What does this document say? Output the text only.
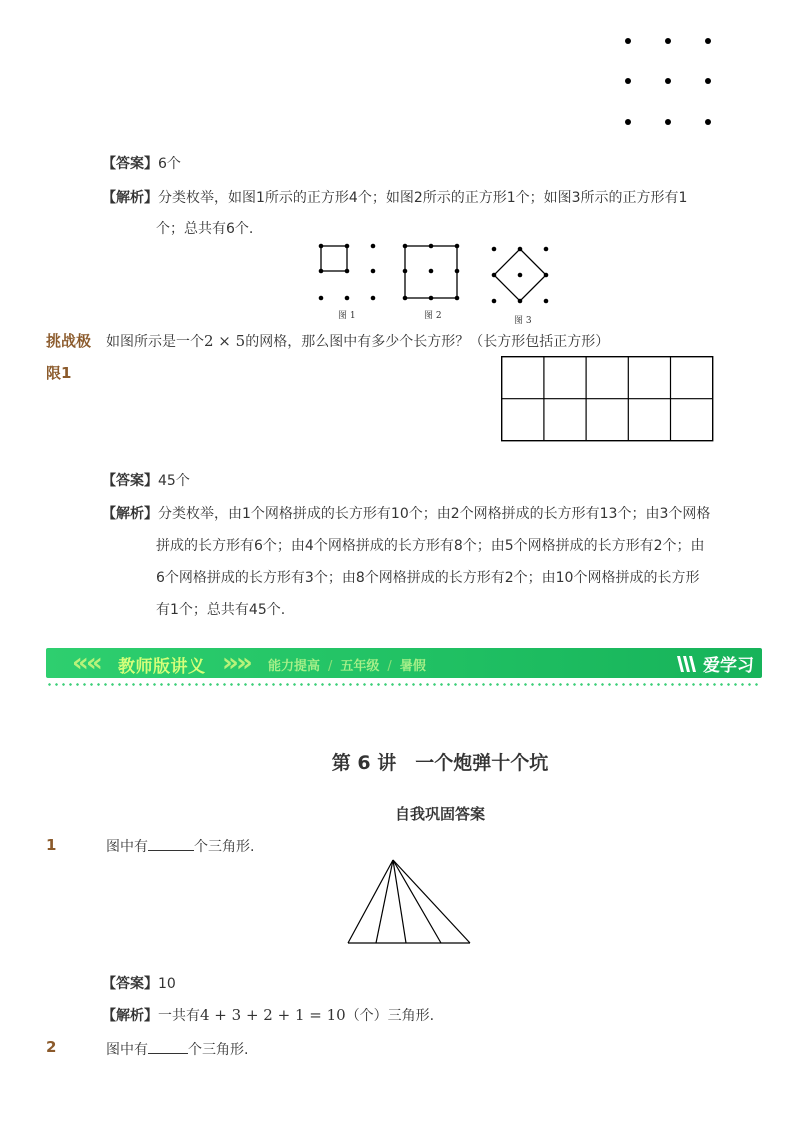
【答案】6个
【解析】分类枚举，如图1所示的正方形4个；如图2所示的正方形1个；如图3所示的正方形有1
个；总共有6个.
图 1	图 2	图 3
挑战极
限1
如图所示是一个2 × 5的网格，那么图中有多少个长方形？（长方形包括正方形）
【答案】45个
【解析】分类枚举，由1个网格拼成的长方形有10个；由2个网格拼成的长方形有13个；由3个网格
拼成的长方形有6个；由4个网格拼成的长方形有8个；由5个网格拼成的长方形有2个；由
6个网格拼成的长方形有3个；由8个网格拼成的长方形有2个；由10个网格拼成的长方形
有1个；总共有45个.
«
« 教师版讲义 »
» 能力提高 / 五年级 / 暑假	爱学习
第 6 讲　一个炮弹十个坑
自我巩固答案
1	图中有	个三角形.
【答案】10
【解析】一共有4 + 3 + 2 + 1 = 10（个）三角形.
2	图中有	个三角形.
